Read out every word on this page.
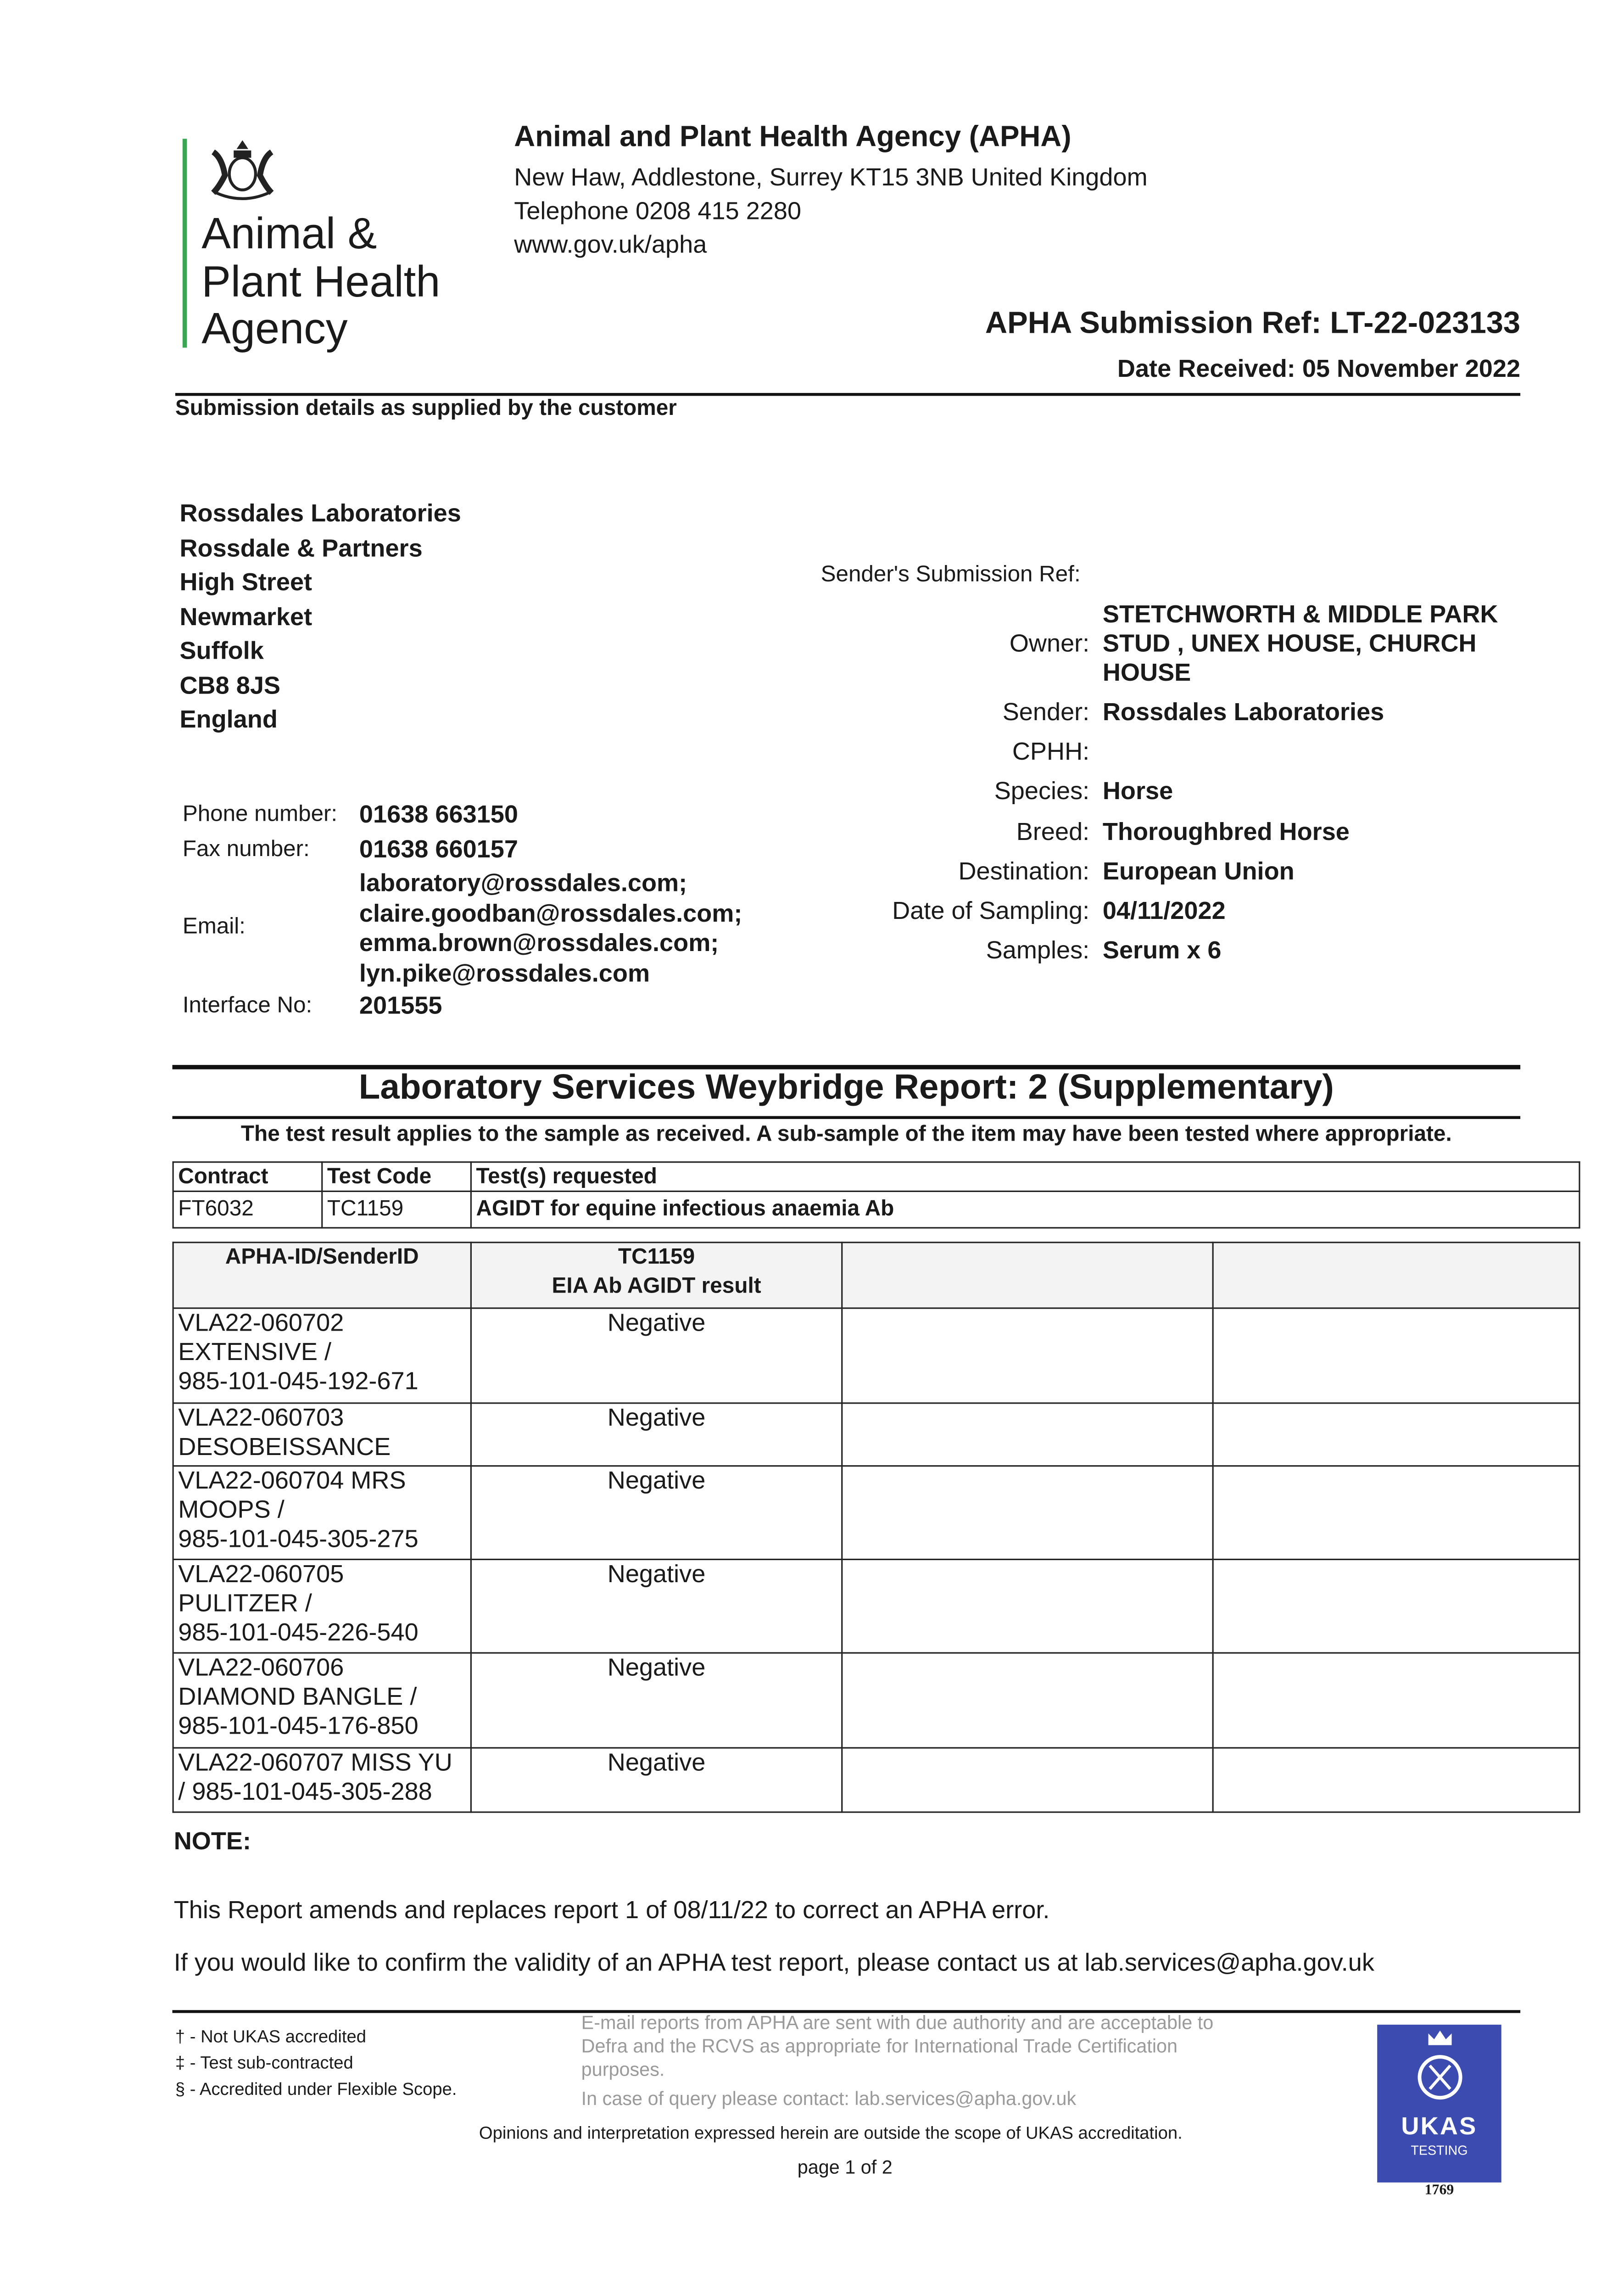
Animal &
Plant Health
Agency
Animal and Plant Health Agency (APHA)
New Haw, Addlestone, Surrey KT15 3NB United Kingdom
Telephone 0208 415 2280
www.gov.uk/apha
APHA Submission Ref: LT-22-023133
Date Received: 05 November 2022
Submission details as supplied by the customer
Rossdales Laboratories
Rossdale & Partners
High Street
Newmarket
Suffolk
CB8 8JS
England
Phone number:	01638 663150
Fax number:	01638 660157
Email:
laboratory@rossdales.com;
claire.goodban@rossdales.com;
emma.brown@rossdales.com;
lyn.pike@rossdales.com
Interface No:	201555
Sender's Submission Ref:
Owner:
STETCHWORTH & MIDDLE PARK
STUD , UNEX HOUSE, CHURCH
HOUSE
Sender: Rossdales Laboratories
CPHH:
Species: Horse
Breed: Thoroughbred Horse
Destination: European Union
Date of Sampling: 04/11/2022
Samples: Serum x 6
Laboratory Services Weybridge Report: 2 (Supplementary)
The test result applies to the sample as received. A sub-sample of the item may have been tested where appropriate.
Contract	Test Code	Test(s) requested
FT6032	TC1159	AGIDT for equine infectious anaemia Ab
APHA-ID/SenderID	TC1159
EIA Ab AGIDT result		

VLA22-060702
EXTENSIVE /
985-101-045-192-671	Negative		

VLA22-060703
DESOBEISSANCE	Negative		

VLA22-060704 MRS
MOOPS /
985-101-045-305-275	Negative		

VLA22-060705
PULITZER /
985-101-045-226-540	Negative		

VLA22-060706
DIAMOND BANGLE /
985-101-045-176-850	Negative		

VLA22-060707 MISS YU
/ 985-101-045-305-288	Negative		
NOTE:
This Report amends and replaces report 1 of 08/11/22 to correct an APHA error.
If you would like to confirm the validity of an APHA test report, please contact us at lab.services@apha.gov.uk
† - Not UKAS accredited
‡ - Test sub-contracted
§ - Accredited under Flexible Scope.
E-mail reports from APHA are sent with due authority and are acceptable to
Defra and the RCVS as appropriate for International Trade Certification
purposes.
In case of query please contact: lab.services@apha.gov.uk
Opinions and interpretation expressed herein are outside the scope of UKAS accreditation.
page 1 of 2
UKAS
TESTING
1769
